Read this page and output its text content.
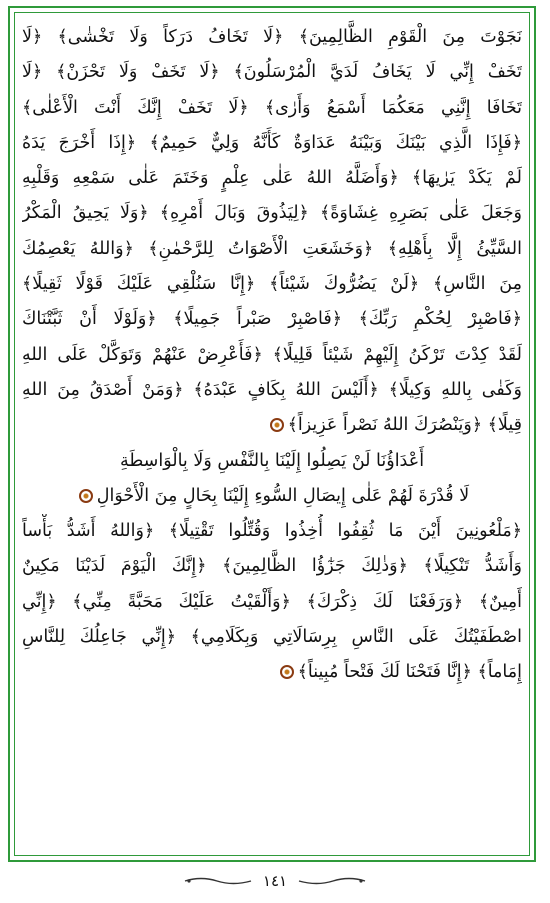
نَجَوْتَ مِنَ الْقَوْمِ الظَّالِمِينَ﴾ ﴿لَا تَخَافُ دَرَكاً وَلَا تَخْشٰى﴾ ﴿لَا
تَخَفْ إِنِّي لَا يَخَافُ لَدَيَّ الْمُرْسَلُونَ﴾ ﴿لَا تَخَفْ وَلَا تَحْزَنْ﴾ ﴿لَا
تَخَافَا إِنَّنِي مَعَكُمَا أَسْمَعُ وَأَرٰى﴾ ﴿لَا تَخَفْ إِنَّكَ أَنْتَ الْأَعْلٰى﴾
﴿فَإِذَا الَّذِي بَيْنَكَ وَبَيْنَهُ عَدَاوَةٌ كَأَنَّهُ وَلِيٌّ حَمِيمٌ﴾ ﴿إِذَا أَخْرَجَ يَدَهُ
لَمْ يَكَدْ يَرٰيهَا﴾ ﴿وَأَضَلَّهُ اللهُ عَلٰى عِلْمٍ وَخَتَمَ عَلٰى سَمْعِهِ وَقَلْبِهِ
وَجَعَلَ عَلٰى بَصَرِهِ غِشَاوَةً﴾ ﴿لِيَذُوقَ وَبَالَ أَمْرِهِ﴾ ﴿وَلَا يَحِيقُ الْمَكْرُ
السَّيِّئُ إِلَّا بِأَهْلِهِ﴾ ﴿وَخَشَعَتِ الْأَصْوَاتُ لِلرَّحْمٰنِ﴾ ﴿وَاللهُ يَعْصِمُكَ
مِنَ النَّاسِ﴾ ﴿لَنْ يَضُرُّوكَ شَيْئاً﴾ ﴿إِنَّا سَنُلْقِي عَلَيْكَ قَوْلًا ثَقِيلًا﴾
﴿فَاصْبِرْ لِحُكْمِ رَبِّكَ﴾ ﴿فَاصْبِرْ صَبْراً جَمِيلًا﴾ ﴿وَلَوْلَا أَنْ ثَبَّتْنَاكَ
لَقَدْ كِدْتَ تَرْكَنُ إِلَيْهِمْ شَيْئاً قَلِيلًا﴾ ﴿فَأَعْرِضْ عَنْهُمْ وَتَوَكَّلْ عَلَى اللهِ
وَكَفٰى بِاللهِ وَكِيلًا﴾ ﴿أَلَيْسَ اللهُ بِكَافٍ عَبْدَهُ﴾ ﴿وَمَنْ أَصْدَقُ مِنَ اللهِ
قِيلًا﴾ ﴿وَيَنْصُرَكَ اللهُ نَصْراً عَزِيزاً﴾
أَعْدَاؤُنَا لَنْ يَصِلُوا إِلَيْنَا بِالنَّفْسِ وَلَا بِالْوَاسِطَةِ
لَا قُدْرَةَ لَهُمْ عَلٰى إِيصَالِ السُّوءِ إِلَيْنَا بِحَالٍ مِنَ الْأَحْوَالِ
﴿مَلْعُونِينَ أَيْنَ مَا ثُقِفُوا أُخِذُوا وَقُتِّلُوا تَقْتِيلًا﴾ ﴿وَاللهُ أَشَدُّ بَأْساً
وَأَشَدُّ تَنْكِيلًا﴾ ﴿وَذٰلِكَ جَزٰٓؤُا الظَّالِمِينَ﴾ ﴿إِنَّكَ الْيَوْمَ لَدَيْنَا مَكِينٌ
أَمِينٌ﴾ ﴿وَرَفَعْنَا لَكَ ذِكْرَكَ﴾ ﴿وَأَلْقَيْتُ عَلَيْكَ مَحَبَّةً مِنِّي﴾ ﴿إِنِّي
اصْطَفَيْتُكَ عَلَى النَّاسِ بِرِسَالَاتِي وَبِكَلَامِي﴾ ﴿إِنِّي جَاعِلُكَ لِلنَّاسِ
إِمَاماً﴾ ﴿إِنَّا فَتَحْنَا لَكَ فَتْحاً مُبِيناً﴾
١٤١
